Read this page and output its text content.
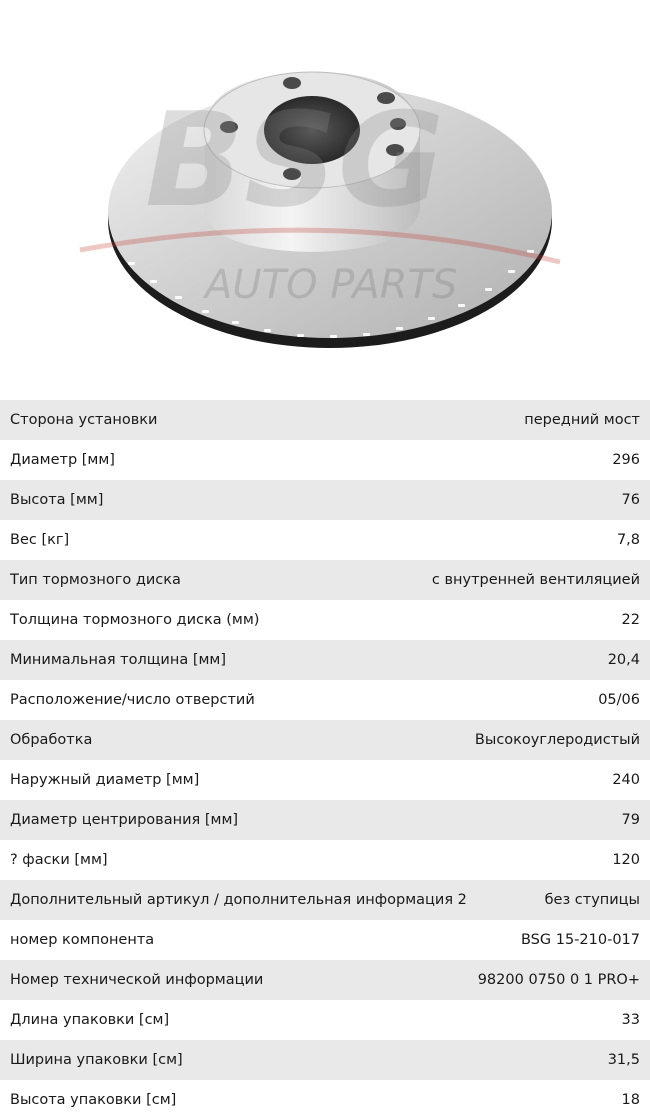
BSG
AUTO PARTS
Сторона установки	передний мост
Диаметр [мм]	296
Высота [мм]	76
Вес [кг]	7,8
Тип тормозного диска	с внутренней вентиляцией
Толщина тормозного диска (мм)	22
Минимальная толщина [мм]	20,4
Расположение/число отверстий	05/06
Обработка	Высокоуглеродистый
Наружный диаметр [мм]	240
Диаметр центрирования [мм]	79
? фаски [мм]	120
Дополнительный артикул / дополнительная информация 2	без ступицы
номер компонента	BSG 15-210-017
Номер технической информации	98200 0750 0 1 PRO+
Длина упаковки [см]	33
Ширина упаковки [см]	31,5
Высота упаковки [см]	18
